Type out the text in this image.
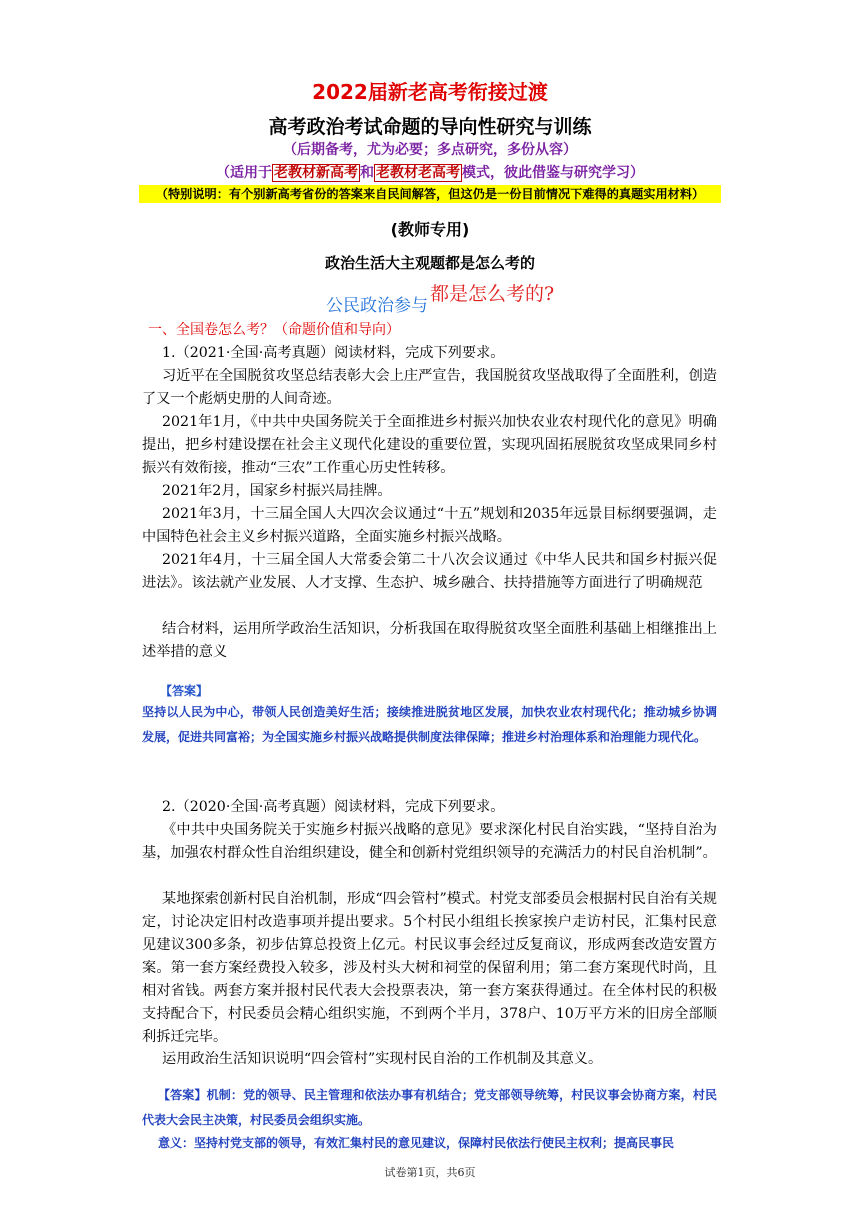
2022届新老高考衔接过渡
高考政治考试命题的导向性研究与训练
（后期备考，尤为必要；多点研究，多份从容）
（适用于 老教材新高考 和 老教材老高考 模式，彼此借鉴与研究学习）
（特别说明：有个别新高考省份的答案来自民间解答，但这仍是一份目前情况下难得的真题实用材料）
(教师专用)
政治生活大主观题都是怎么考的
公民政治参与
都是怎么考的?
一、全国卷怎么考？（命题价值和导向）
1.（2021·全国·高考真题）阅读材料，完成下列要求。
习近平在全国脱贫攻坚总结表彰大会上庄严宣告，我国脱贫攻坚战取得了全面胜利，创造了又一个彪炳史册的人间奇迹。
2021年1月，《中共中央国务院关于全面推进乡村振兴加快农业农村现代化的意见》明确提出，把乡村建设摆在社会主义现代化建设的重要位置，实现巩固拓展脱贫攻坚成果同乡村振兴有效衔接，推动“三农”工作重心历史性转移。
2021年2月，国家乡村振兴局挂牌。
2021年3月，十三届全国人大四次会议通过“十五”规划和2035年远景目标纲要强调，走中国特色社会主义乡村振兴道路，全面实施乡村振兴战略。
2021年4月，十三届全国人大常委会第二十八次会议通过《中华人民共和国乡村振兴促进法》。该法就产业发展、人才支撑、生态护、城乡融合、扶持措施等方面进行了明确规范
结合材料，运用所学政治生活知识，分析我国在取得脱贫攻坚全面胜利基础上相继推出上述举措的意义
【答案】
坚持以人民为中心，带领人民创造美好生活；接续推进脱贫地区发展，加快农业农村现代化；推动城乡协调发展，促进共同富裕；为全国实施乡村振兴战略提供制度法律保障；推进乡村治理体系和治理能力现代化。
2.（2020·全国·高考真题）阅读材料，完成下列要求。
《中共中央国务院关于实施乡村振兴战略的意见》要求深化村民自治实践，“坚持自治为基，加强农村群众性自治组织建设，健全和创新村党组织领导的充满活力的村民自治机制”。
某地探索创新村民自治机制，形成“四会管村”模式。村党支部委员会根据村民自治有关规定，讨论决定旧村改造事项并提出要求。5个村民小组组长挨家挨户走访村民，汇集村民意见建议300多条，初步估算总投资上亿元。村民议事会经过反复商议，形成两套改造安置方案。第一套方案经费投入较多，涉及村头大树和祠堂的保留利用；第二套方案现代时尚，且相对省钱。两套方案并报村民代表大会投票表决，第一套方案获得通过。在全体村民的积极支持配合下，村民委员会精心组织实施，不到两个半月，378户、10万平方米的旧房全部顺利拆迁完毕。
运用政治生活知识说明“四会管村”实现村民自治的工作机制及其意义。
【答案】机制：党的领导、民主管理和依法办事有机结合；党支部领导统筹，村民议事会协商方案，村民代表大会民主决策，村民委员会组织实施。
意义：坚持村党支部的领导，有效汇集村民的意见建议，保障村民依法行使民主权利；提高民事民
试卷第1页，共6页
